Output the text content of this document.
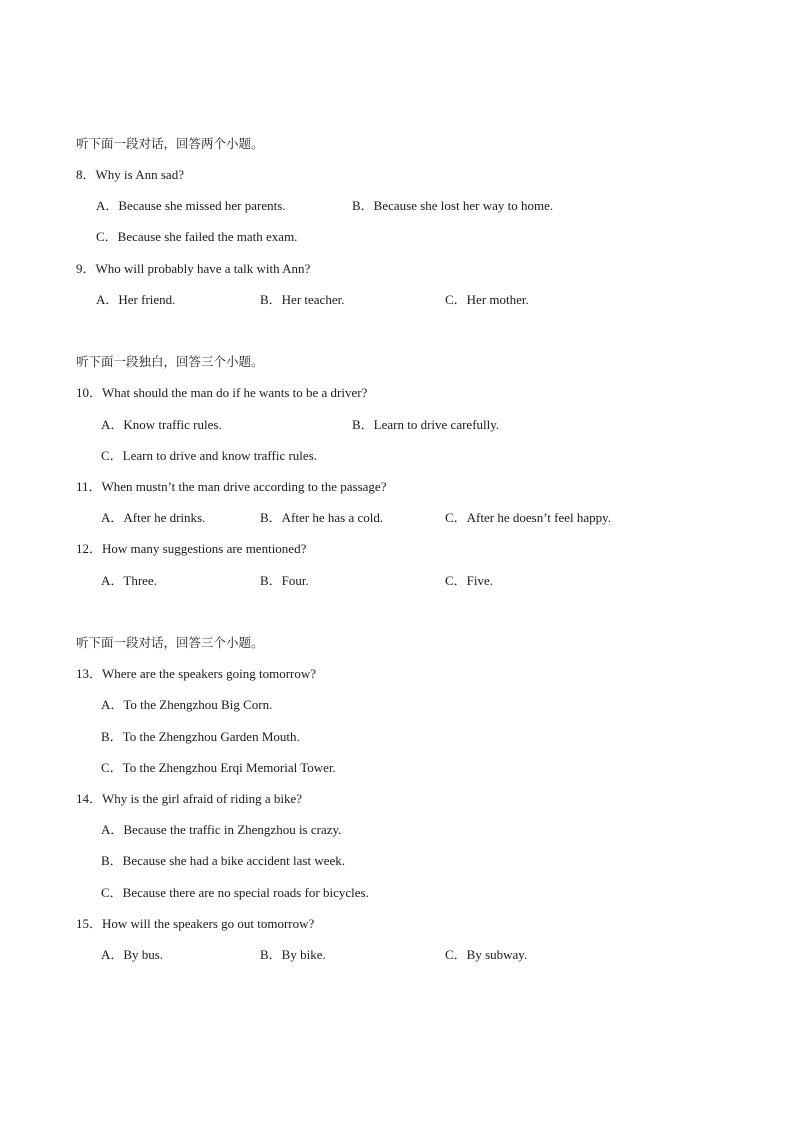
听下面一段对话，回答两个小题。
8．Why is Ann sad?
A．Because she missed her parents.	B．Because she lost her way to home.
C．Because she failed the math exam.
9．Who will probably have a talk with Ann?
A．Her friend.	B．Her teacher.	C．Her mother.
听下面一段独白，回答三个小题。
10．What should the man do if he wants to be a driver?
A．Know traffic rules.	B．Learn to drive carefully.
C．Learn to drive and know traffic rules.
11．When mustn’t the man drive according to the passage?
A．After he drinks.	B．After he has a cold.	C．After he doesn’t feel happy.
12．How many suggestions are mentioned?
A．Three.	B．Four.	C．Five.
听下面一段对话，回答三个小题。
13．Where are the speakers going tomorrow?
A．To the Zhengzhou Big Corn.
B．To the Zhengzhou Garden Mouth.
C．To the Zhengzhou Erqi Memorial Tower.
14．Why is the girl afraid of riding a bike?
A．Because the traffic in Zhengzhou is crazy.
B．Because she had a bike accident last week.
C．Because there are no special roads for bicycles.
15．How will the speakers go out tomorrow?
A．By bus.	B．By bike.	C．By subway.
